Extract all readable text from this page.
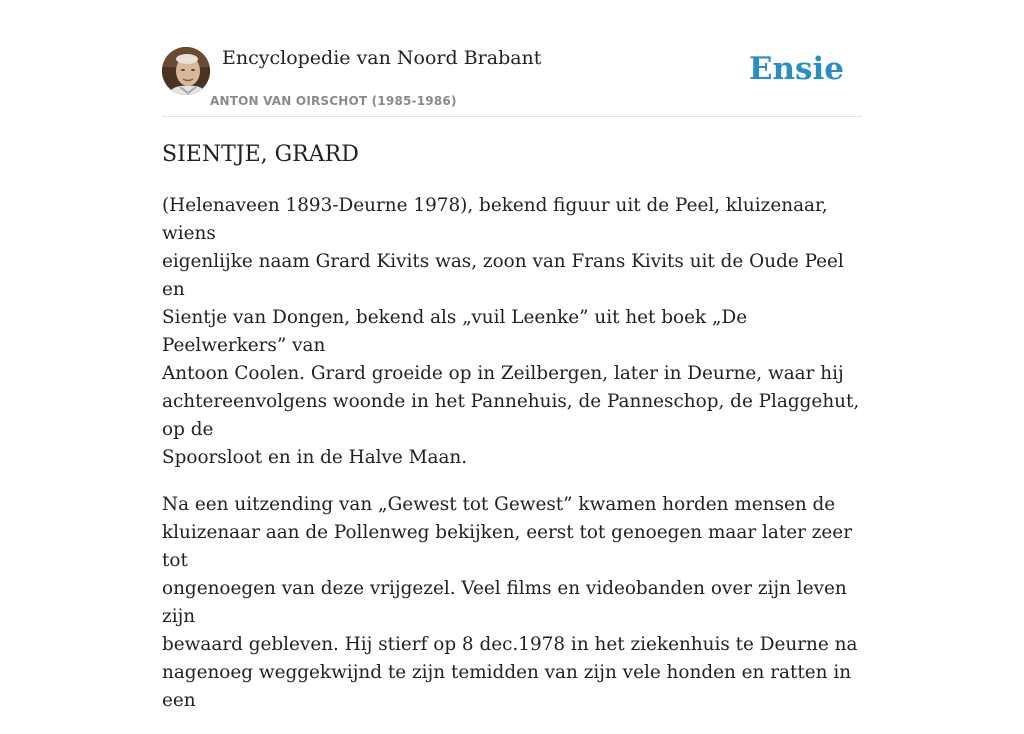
Encyclopedie van Noord Brabant
ANTON VAN OIRSCHOT (1985-1986)
Ensie
SIENTJE, GRARD

(Helenaveen 1893-Deurne 1978), bekend figuur uit de Peel, kluizenaar, wiens
eigenlijke naam Grard Kivits was, zoon van Frans Kivits uit de Oude Peel en
Sientje van Dongen, bekend als „vuil Leenke” uit het boek „De Peelwerkers” van
Antoon Coolen. Grard groeide op in Zeilbergen, later in Deurne, waar hij
achtereenvolgens woonde in het Pannehuis, de Panneschop, de Plaggehut, op de
Spoorsloot en in de Halve Maan.

Na een uitzending van „Gewest tot Gewest” kwamen horden mensen de
kluizenaar aan de Pollenweg bekijken, eerst tot genoegen maar later zeer tot
ongenoegen van deze vrijgezel. Veel films en videobanden over zijn leven zijn
bewaard gebleven. Hij stierf op 8 dec.1978 in het ziekenhuis te Deurne na
nagenoeg weggekwijnd te zijn temidden van zijn vele honden en ratten in een
